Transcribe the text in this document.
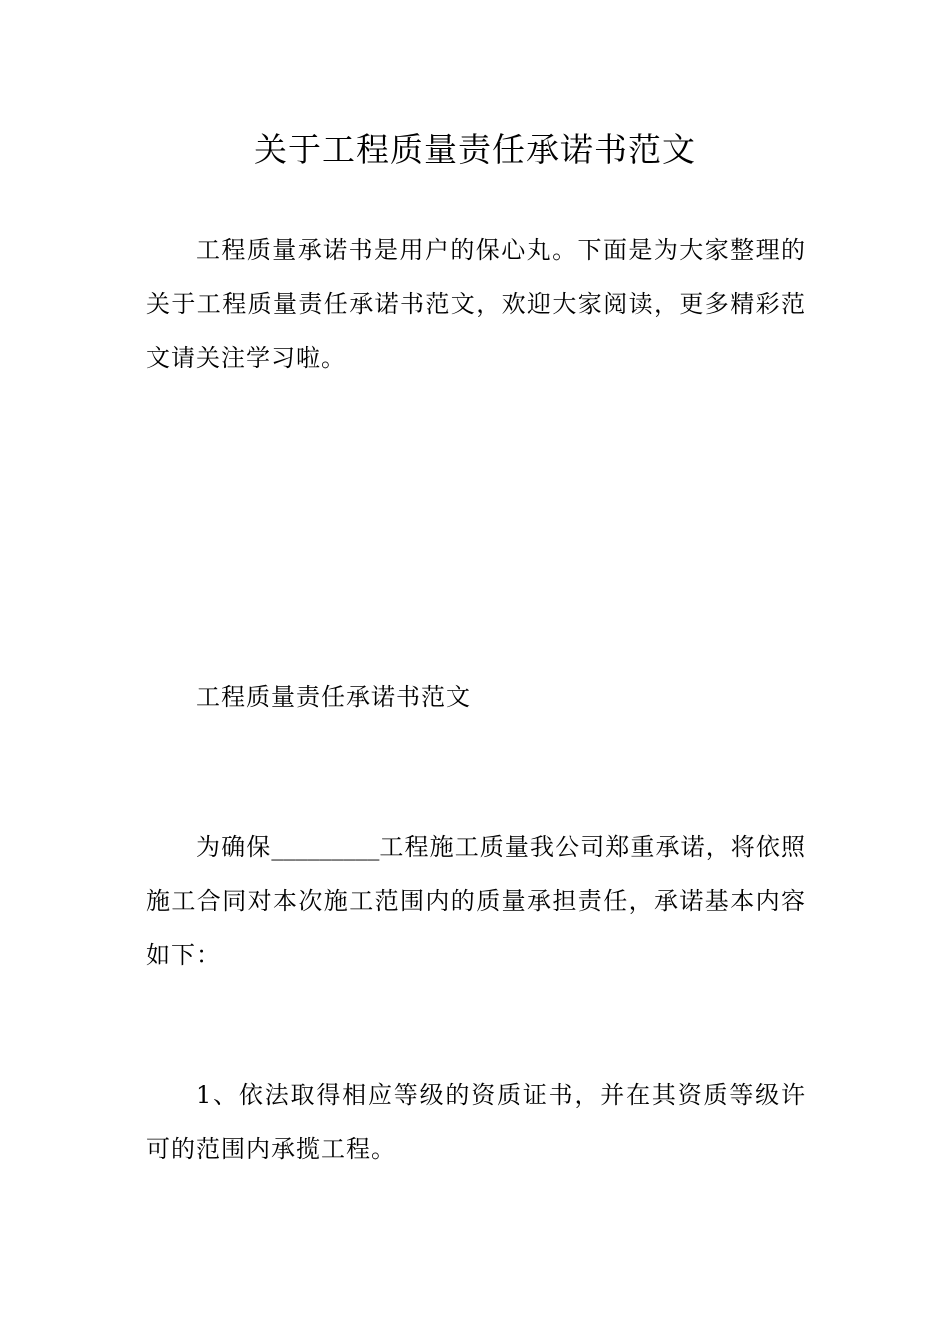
关于工程质量责任承诺书范文

工程质量承诺书是用户的保心丸。下面是为大家整理的关于工程质量责任承诺书范文，欢迎大家阅读，更多精彩范文请关注学习啦。

工程质量责任承诺书范文

为确保_________工程施工质量我公司郑重承诺，将依照施工合同对本次施工范围内的质量承担责任，承诺基本内容如下：

1、依法取得相应等级的资质证书，并在其资质等级许可的范围内承揽工程。
